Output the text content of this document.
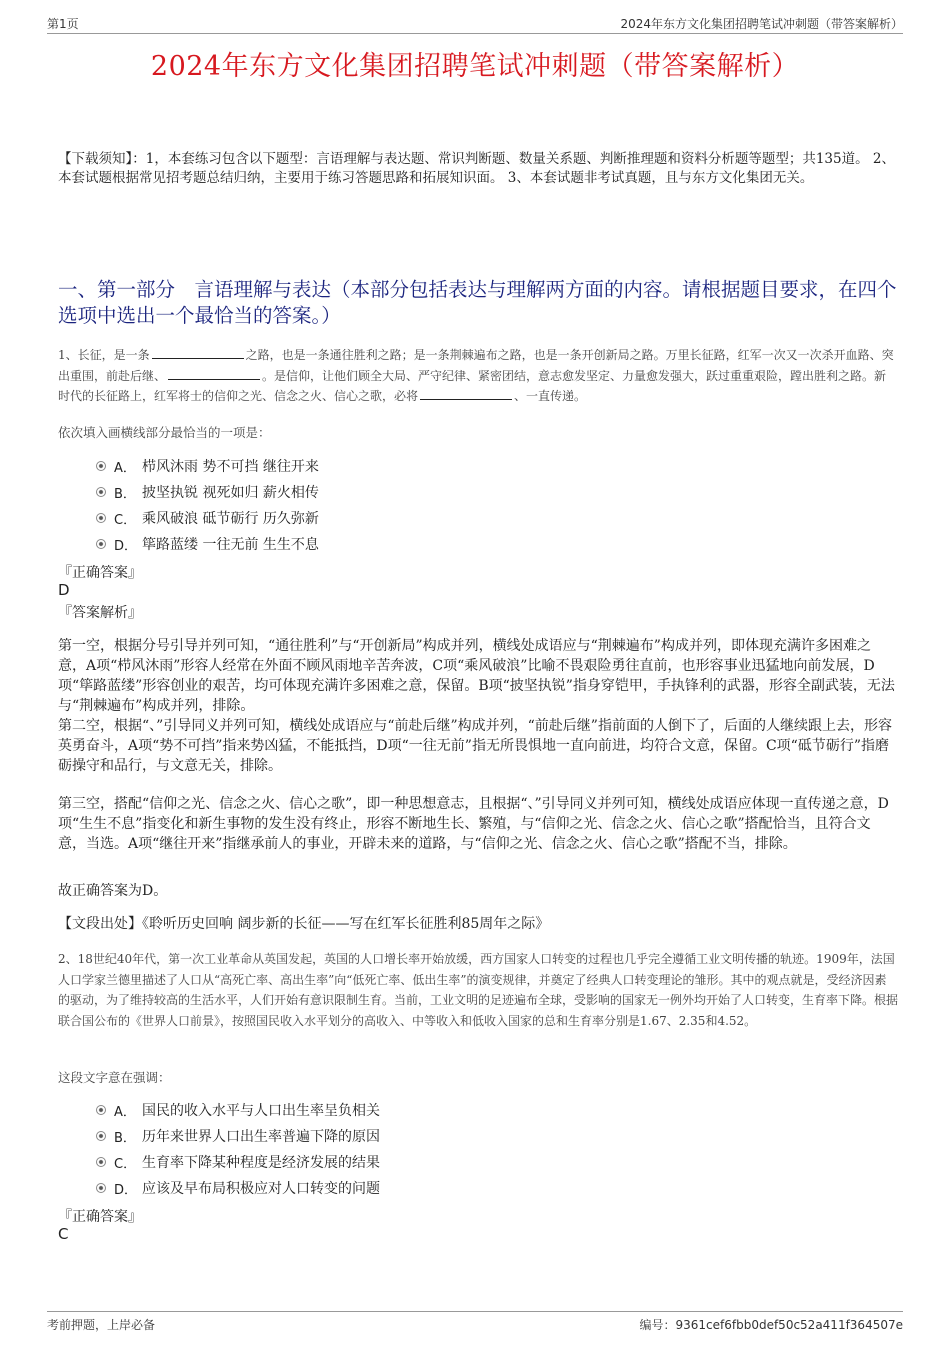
第1页	2024年东方文化集团招聘笔试冲刺题（带答案解析）
2024年东方文化集团招聘笔试冲刺题（带答案解析）
【下载须知】：1，本套练习包含以下题型：言语理解与表达题、常识判断题、数量关系题、判断推理题和资料分析题等题型；共135道。 2、本套试题根据常见招考题总结归纳，主要用于练习答题思路和拓展知识面。 3、本套试题非考试真题，且与东方文化集团无关。
一、第一部分　言语理解与表达（本部分包括表达与理解两方面的内容。请根据题目要求，在四个选项中选出一个最恰当的答案。）
1、长征，是一条	之路，也是一条通往胜利之路；是一条荆棘遍布之路，也是一条开创新局之路。万里长征路，红军一次又一次杀开血路、突出重围，前赴后继、	。是信仰，让他们顾全大局、严守纪律、紧密团结，意志愈发坚定、力量愈发强大，跃过重重艰险，蹚出胜利之路。新时代的长征路上，红军将士的信仰之光、信念之火、信心之歌，必将	、一直传递。
依次填入画横线部分最恰当的一项是：
A． 栉风沐雨 势不可挡 继往开来
B． 披坚执锐 视死如归 薪火相传
C． 乘风破浪 砥节砺行 历久弥新
D． 筚路蓝缕 一往无前 生生不息
『正确答案』
D
『答案解析』
第一空，根据分号引导并列可知，“通往胜利”与“开创新局”构成并列，横线处成语应与“荆棘遍布”构成并列，即体现充满许多困难之意，A项“栉风沐雨”形容人经常在外面不顾风雨地辛苦奔波，C项“乘风破浪”比喻不畏艰险勇往直前，也形容事业迅猛地向前发展，D项“筚路蓝缕”形容创业的艰苦，均可体现充满许多困难之意，保留。B项“披坚执锐”指身穿铠甲，手执锋利的武器，形容全副武装，无法与“荆棘遍布”构成并列，排除。
第二空，根据“、”引导同义并列可知，横线处成语应与“前赴后继”构成并列，“前赴后继”指前面的人倒下了，后面的人继续跟上去，形容英勇奋斗，A项“势不可挡”指来势凶猛，不能抵挡，D项“一往无前”指无所畏惧地一直向前进，均符合文意，保留。C项“砥节砺行”指磨砺操守和品行，与文意无关，排除。
第三空，搭配“信仰之光、信念之火、信心之歌”，即一种思想意志，且根据“、”引导同义并列可知，横线处成语应体现一直传递之意，D项“生生不息”指变化和新生事物的发生没有终止，形容不断地生长、繁殖，与“信仰之光、信念之火、信心之歌”搭配恰当，且符合文意，当选。A项“继往开来”指继承前人的事业，开辟未来的道路，与“信仰之光、信念之火、信心之歌”搭配不当，排除。
故正确答案为D。
【文段出处】《聆听历史回响 阔步新的长征——写在红军长征胜利85周年之际》
2、18世纪40年代，第一次工业革命从英国发起，英国的人口增长率开始放缓，西方国家人口转变的过程也几乎完全遵循工业文明传播的轨迹。1909年，法国人口学家兰德里描述了人口从“高死亡率、高出生率”向“低死亡率、低出生率”的演变规律，并奠定了经典人口转变理论的雏形。其中的观点就是，受经济因素的驱动，为了维持较高的生活水平，人们开始有意识限制生育。当前，工业文明的足迹遍布全球，受影响的国家无一例外均开始了人口转变，生育率下降。根据联合国公布的《世界人口前景》，按照国民收入水平划分的高收入、中等收入和低收入国家的总和生育率分别是1.67、2.35和4.52。
这段文字意在强调：
A． 国民的收入水平与人口出生率呈负相关
B． 历年来世界人口出生率普遍下降的原因
C． 生育率下降某种程度是经济发展的结果
D． 应该及早布局积极应对人口转变的问题
『正确答案』
C
考前押题，上岸必备	编号：9361cef6fbb0def50c52a411f364507e
